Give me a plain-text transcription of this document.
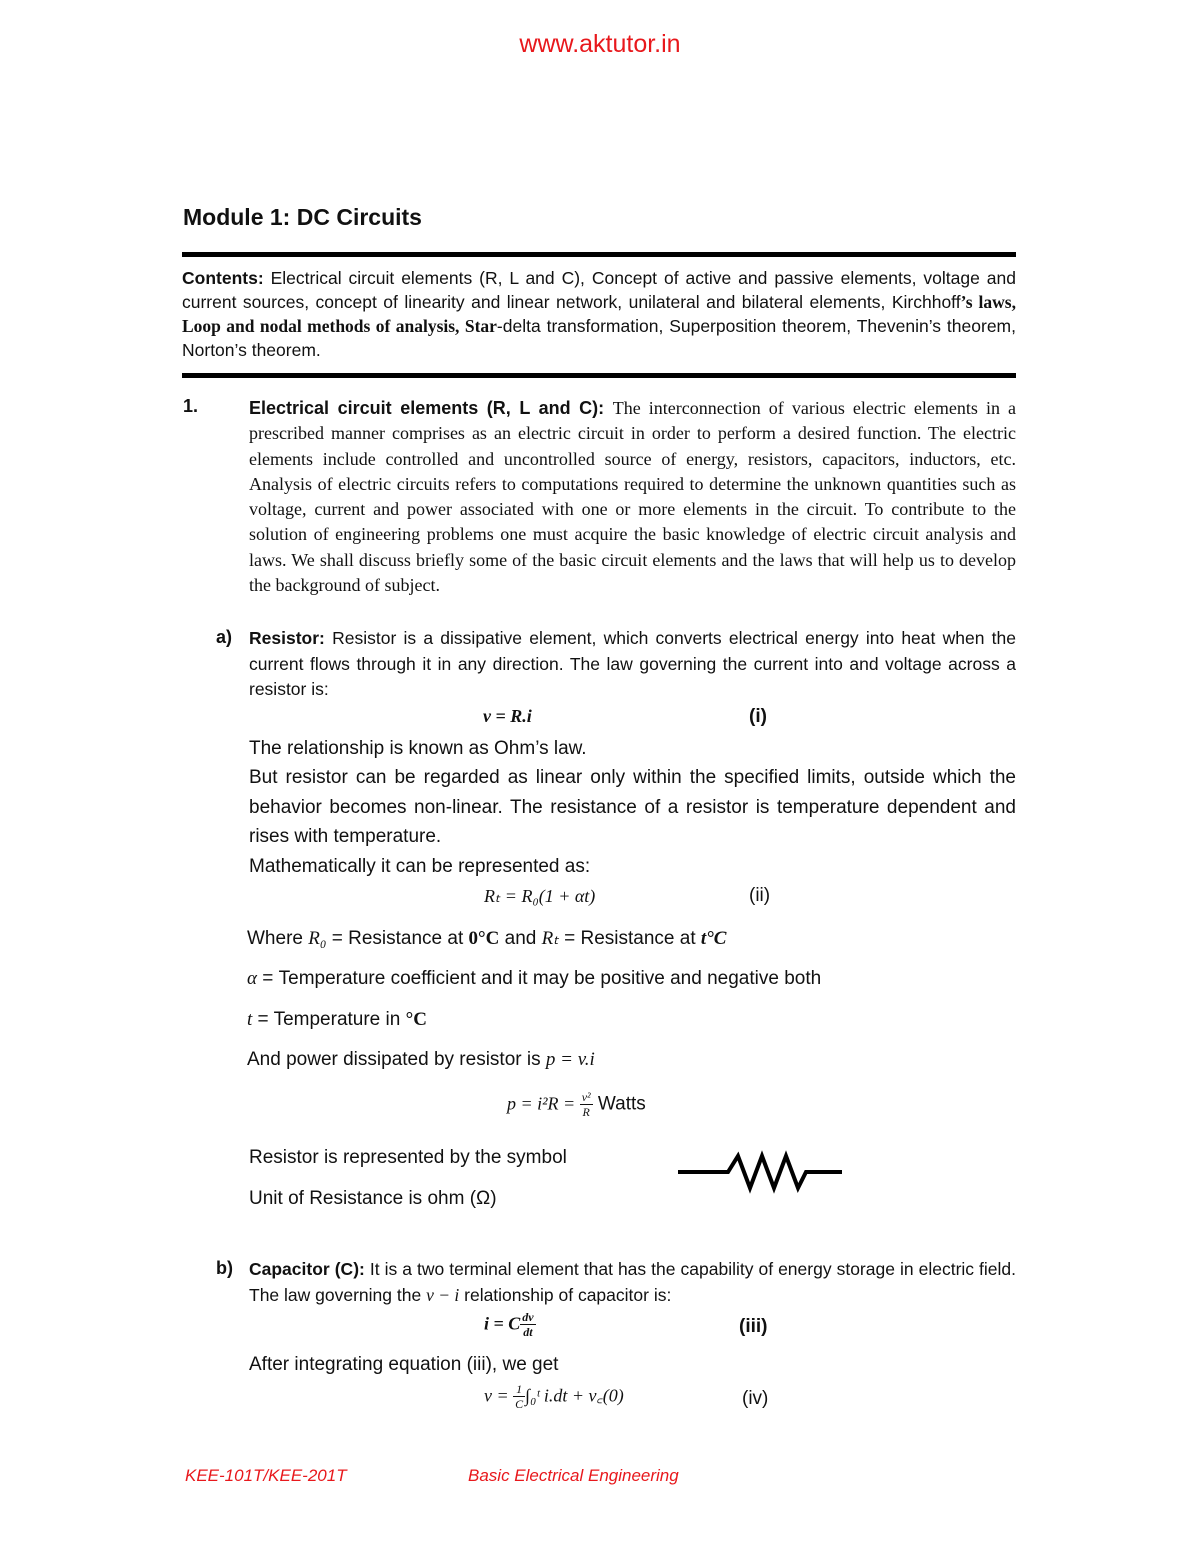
www.aktutor.in
Module 1: DC Circuits
Contents: Electrical circuit elements (R, L and C), Concept of active and passive elements, voltage and current sources, concept of linearity and linear network, unilateral and bilateral elements, Kirchhoff’s laws, Loop and nodal methods of analysis, Star-delta transformation, Superposition theorem, Thevenin’s theorem, Norton’s theorem.
1.	Electrical circuit elements (R, L and C): The interconnection of various electric elements in a prescribed manner comprises as an electric circuit in order to perform a desired function. The electric elements include controlled and uncontrolled source of energy, resistors, capacitors, inductors, etc. Analysis of electric circuits refers to computations required to determine the unknown quantities such as voltage, current and power associated with one or more elements in the circuit. To contribute to the solution of engineering problems one must acquire the basic knowledge of electric circuit analysis and laws. We shall discuss briefly some of the basic circuit elements and the laws that will help us to develop the background of subject.
a) Resistor: Resistor is a dissipative element, which converts electrical energy into heat when the current flows through it in any direction. The law governing the current into and voltage across a resistor is:
v = R.i	(i)
The relationship is known as Ohm’s law.
But resistor can be regarded as linear only within the specified limits, outside which the behavior becomes non-linear. The resistance of a resistor is temperature dependent and rises with temperature.
Mathematically it can be represented as:
Rₜ = R₀(1 + αt)	(ii)
Where R₀ = Resistance at 0°C and Rₜ = Resistance at t°C
α = Temperature coefficient and it may be positive and negative both
t = Temperature in °C
And power dissipated by resistor is p = v.i
$p = i^2R = \frac{\text{v²}}{R}$ Watts
Resistor is represented by the symbol
Unit of Resistance is ohm (Ω)
b) Capacitor (C): It is a two terminal element that has the capability of energy storage in electric field. The law governing the v − i relationship of capacitor is:
i = C $\frac{dv}{dt}$	(iii)
After integrating equation (iii), we get
$v = \frac{1}{C}$ ∫₀ᵗ i.dt + v꜀(0)	(iv)
KEE-101T/KEE-201T	Basic Electrical Engineering
